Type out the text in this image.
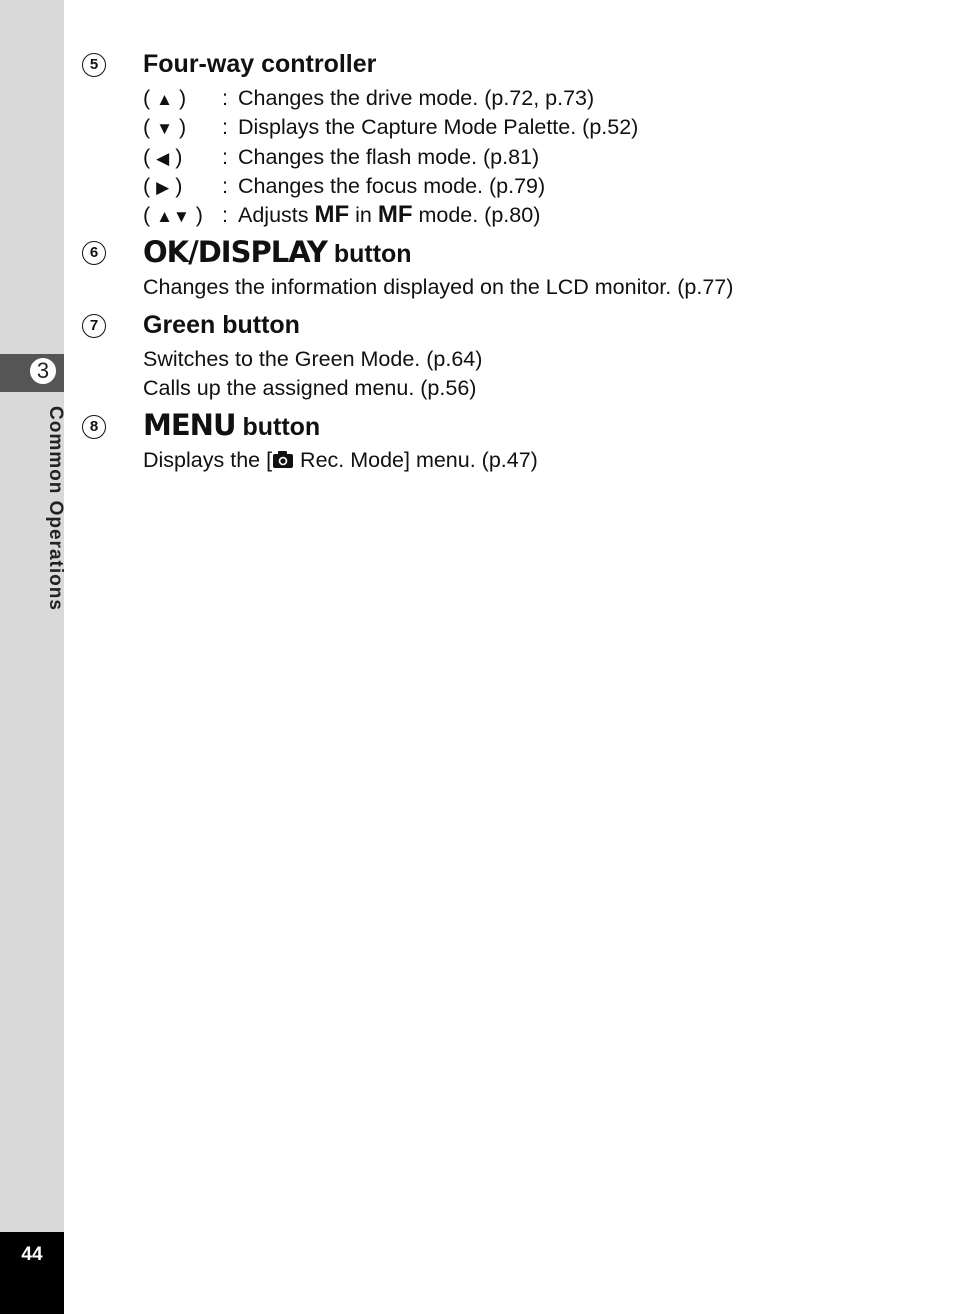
3
Common Operations
44
5	Four-way controller
( ▲ ) : Changes the drive mode. (p.72, p.73)
( ▼ ) : Displays the Capture Mode Palette. (p.52)
( ◀ ) : Changes the flash mode. (p.81)
( ▶ ) : Changes the focus mode. (p.79)
( ▲▼ ) : Adjusts MF in MF mode. (p.80)
6 OK/DISPLAY button
Changes the information displayed on the LCD monitor. (p.77)
7	Green button
Switches to the Green Mode. (p.64)
Calls up the assigned menu. (p.56)
8 MENU button
Displays the [ Rec. Mode] menu. (p.47)
